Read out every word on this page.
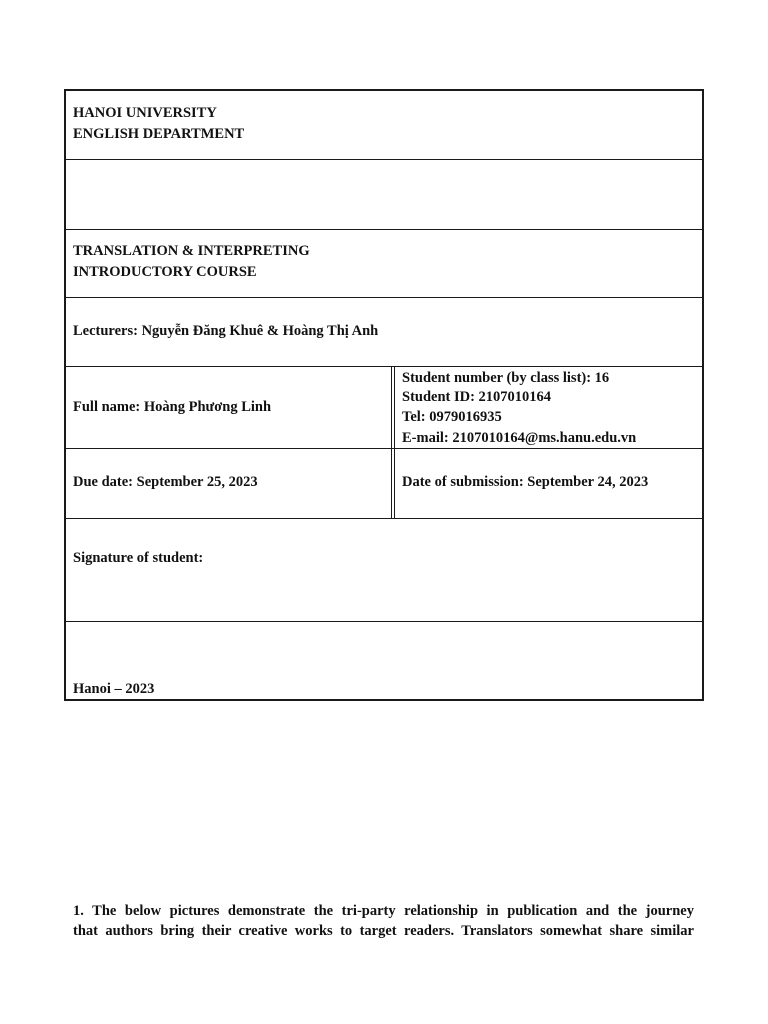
HANOI UNIVERSITY
ENGLISH DEPARTMENT
TRANSLATION & INTERPRETING
INTRODUCTORY COURSE
Lecturers: Nguyễn Đăng Khuê & Hoàng Thị Anh
Full name: Hoàng Phương Linh
Student number (by class list): 16
Student ID: 2107010164
Tel: 0979016935
E-mail: 2107010164@ms.hanu.edu.vn
Due date: September 25, 2023	Date of submission: September 24, 2023
Signature of student:
Hanoi – 2023
1. The below pictures demonstrate the tri-party relationship in publication and the journey
that authors bring their creative works to target readers. Translators somewhat share similar
